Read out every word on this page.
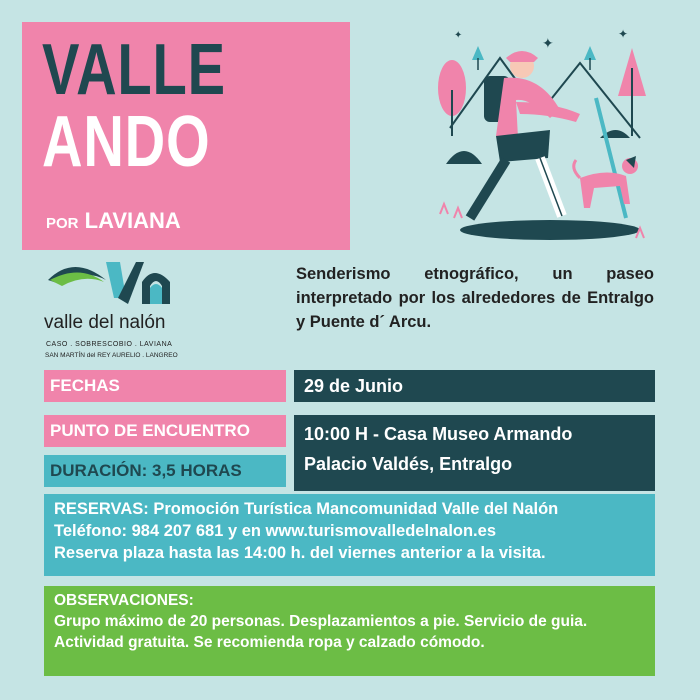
VALLE
ANDO
POR LAVIANA
✦
✦	✦
valle del nalón
CASO . SOBRESCOBIO . LAVIANA
SAN MARTÍN del REY AURELIO . LANGREO
Senderismo etnográfico, un paseo interpretado por los alrededores de Entralgo y Puente d´ Arcu.
FECHAS	29 de Junio
PUNTO DE ENCUENTRO
DURACIÓN: 3,5 HORAS
10:00 H - Casa Museo Armando
Palacio Valdés, Entralgo
RESERVAS: Promoción Turística Mancomunidad Valle del Nalón
Teléfono: 984 207 681 y en www.turismovalledelnalon.es
Reserva plaza hasta las 14:00 h. del viernes anterior a la visita.
OBSERVACIONES:
Grupo máximo de 20 personas. Desplazamientos a pie. Servicio de guia.
Actividad gratuita. Se recomienda ropa y calzado cómodo.
